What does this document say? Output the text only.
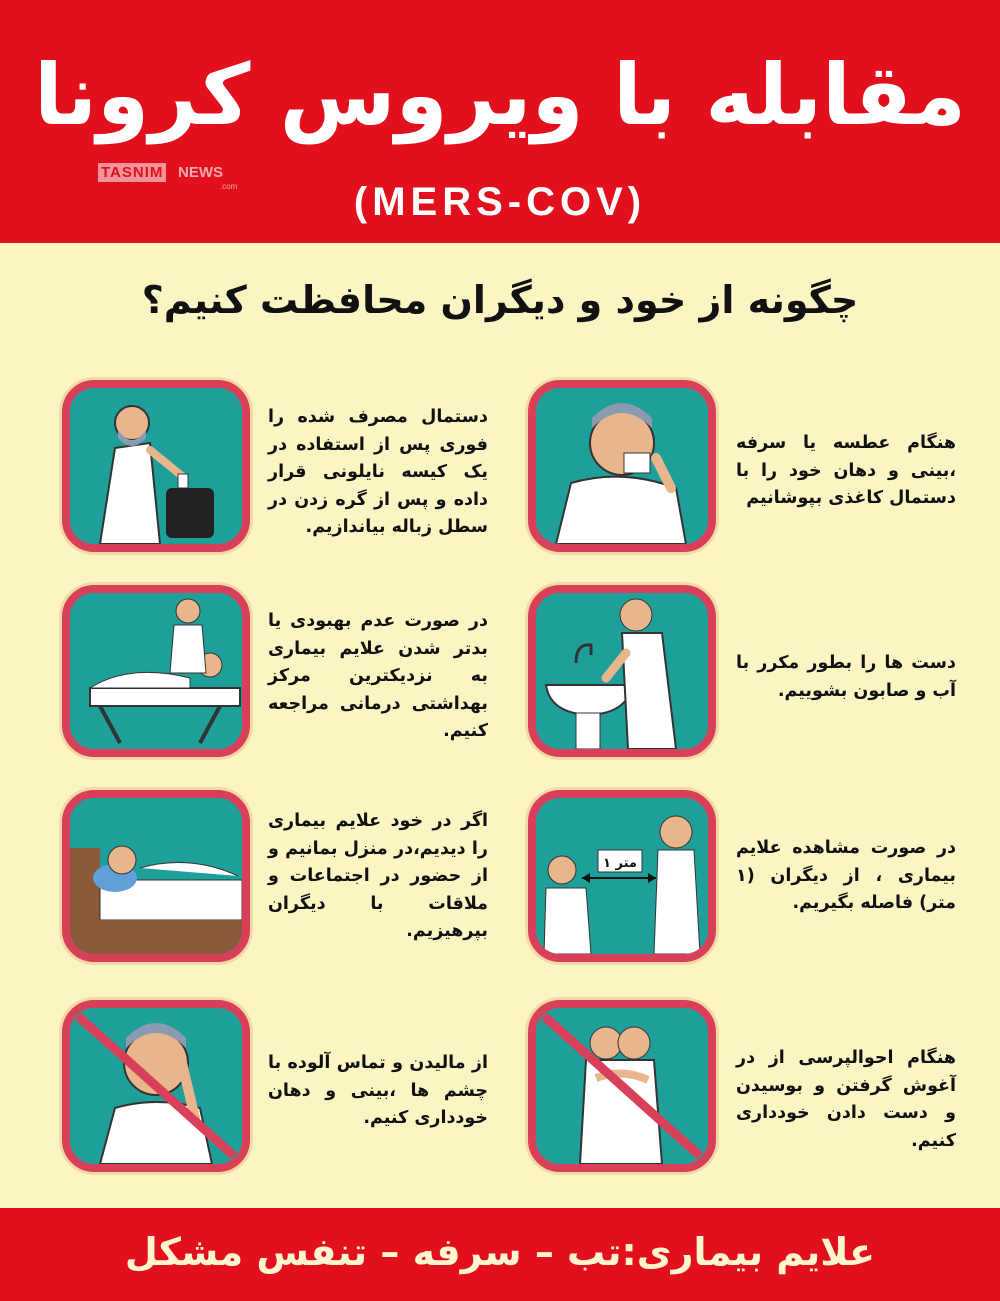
مقابله با ویروس کرونا
TASNIM NEWS
.com	(MERS-COV)
چگونه از خود و دیگران محافظت کنیم؟
دستمال مصرف شده را فوری پس از استفاده در یک کیسه نایلونی قرار داده و پس از گره زدن در سطل زباله بیاندازیم.
هنگام عطسه یا سرفه ،بینی و دهان خود را با دستمال کاغذی بپوشانیم
در صورت عدم بهبودی یا بدتر شدن علایم بیماری به نزدیکترین مرکز بهداشتی درمانی مراجعه کنیم.
دست ها را بطور مکرر با آب و صابون بشوییم.
اگر در خود علایم بیماری را دیدیم،در منزل بمانیم و از حضور در اجتماعات و ملاقات با دیگران بپرهیزیم.
۱ متر
در صورت مشاهده علایم بیماری ، از دیگران (۱ متر) فاصله بگیریم.
از مالیدن و تماس آلوده با چشم ها ،بینی و دهان خودداری کنیم.
هنگام احوالپرسی از در آغوش گرفتن و بوسیدن و دست دادن خودداری کنیم.
علایم بیماری:تب – سرفه – تنفس مشکل
